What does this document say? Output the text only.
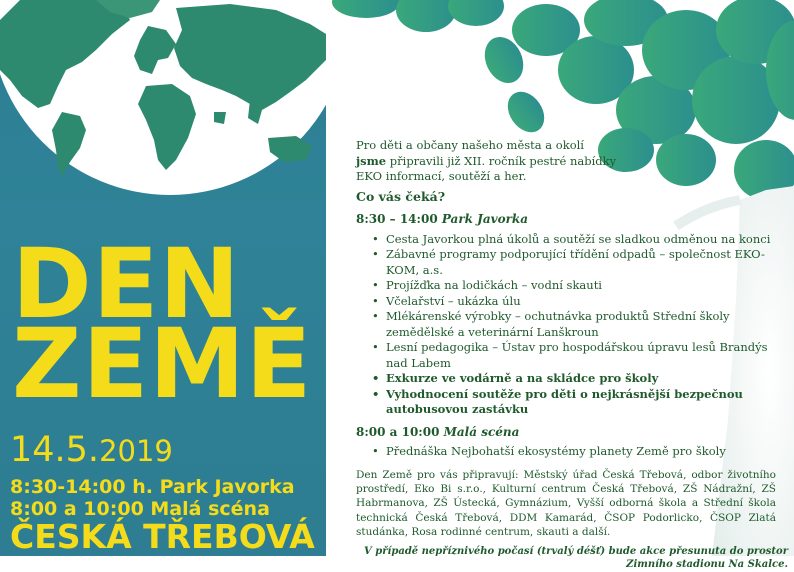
DEN
ZEMĚ
14.5.2019
8:30-14:00 h. Park Javorka
8:00 a 10:00 Malá scéna
ČESKÁ TŘEBOVÁ

Pro děti a občany našeho města a okolí
jsme připravili již XII. ročník pestré nabídky
EKO informací, soutěží a her.

Co vás čeká?
8:30 – 14:00 Park Javorka
• Cesta Javorkou plná úkolů a soutěží se sladkou odměnou na konci
• Zábavné programy podporující třídění odpadů – společnost EKO-KOM, a.s.
• Projížďka na lodičkách – vodní skauti
• Včelařství – ukázka úlu
• Mlékárenské výrobky – ochutnávka produktů Střední školy zemědělské a veterinární Lanškroun
• Lesní pedagogika – Ústav pro hospodářskou úpravu lesů Brandýs nad Labem
• Exkurze ve vodárně a na skládce pro školy
• Vyhodnocení soutěže pro děti o nejkrásnější bezpečnou autobusovou zastávku
8:00 a 10:00 Malá scéna
• Přednáška Nejbohatší ekosystémy planety Země pro školy

Den Země pro vás připravují: Městský úřad Česká Třebová, odbor životního prostředí, Eko Bi s.r.o., Kulturní centrum Česká Třebová, ZŠ Nádražní, ZŠ Habrmanova, ZŠ Ústecká, Gymnázium, Vyšší odborná škola a Střední škola technická Česká Třebová, DDM Kamarád, ČSOP Podorlicko, ČSOP Zlatá studánka, Rosa rodinné centrum, skauti a další.

V případě nepříznivého počasí (trvalý déšť) bude akce přesunuta do prostor Zimního stadionu Na Skalce.
